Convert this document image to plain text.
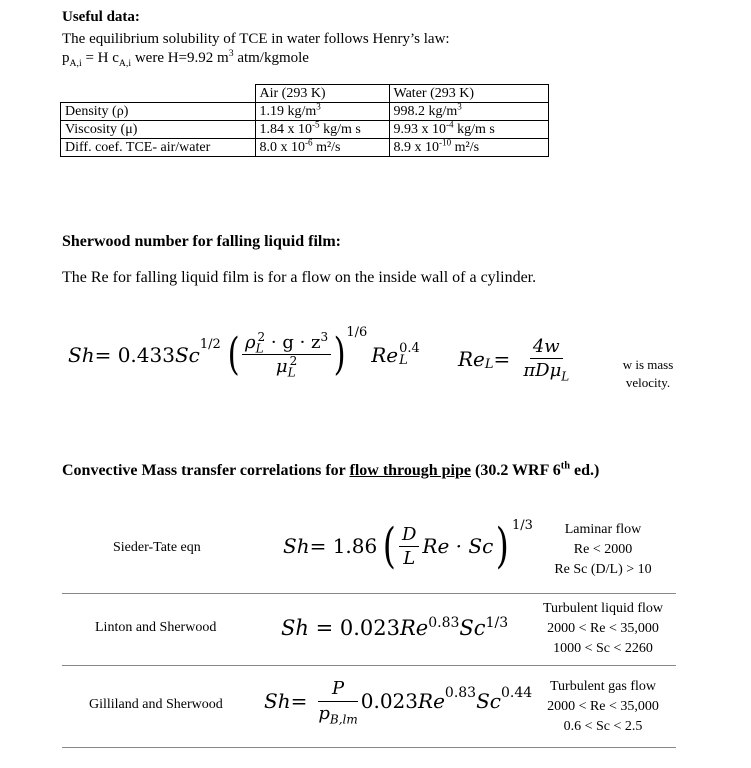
Useful data:
The equilibrium solubility of TCE in water follows Henry’s law:
$p_{A,i} = H$ $c_{A,i}$ were H=9.92 $m^3$ atm/kgmole
	Air (293 K)	Water (293 K)
Density (ρ)	1.19 $kg/m^3$	998.2 $kg/m^3$
Viscosity (μ)	1.84 x $10^{-5}$ kg/m s	9.93 x $10^{-4}$ kg/m s
Diff. coef. TCE- air/water	8.0 x $10^{-6}$ m²/s	8.9 x $10^{-10}$ m²/s
Sherwood number for falling liquid film:
The Re for falling liquid film is for a flow on the inside wall of a cylinder.
Sh = 0.433 $Sc^{1/2}$ ( $\frac{\rho_L^2 \cdot g \cdot z^3}{\mu_L^2} )^{1/6}$
Re 0.4
L	$Re_L = \frac{4w}{\pi D\mu_L}$	w is mass
velocity.
Convective Mass transfer correlations for flow through pipe (30.2 WRF 6th ed.)
Sieder-Tate eqn	Sh = 1.86 ( $\frac{D}{L}$ Re · Sc )$^{1/3}$	Laminar flow
Re < 2000
Re Sc (D/L) > 10
Linton and Sherwood	$Sh = 0.023Re^{0.83}Sc^{1/3}$
Turbulent liquid flow
2000 < Re < 35,000
1000 < Sc < 2260
Gilliland and Sherwood $Sh = \frac{P}{p_{B,lm}} 0.023$ $Re^{0.83}$ $Sc^{0.44}$	Turbulent gas flow
2000 < Re < 35,000
0.6 < Sc < 2.5
